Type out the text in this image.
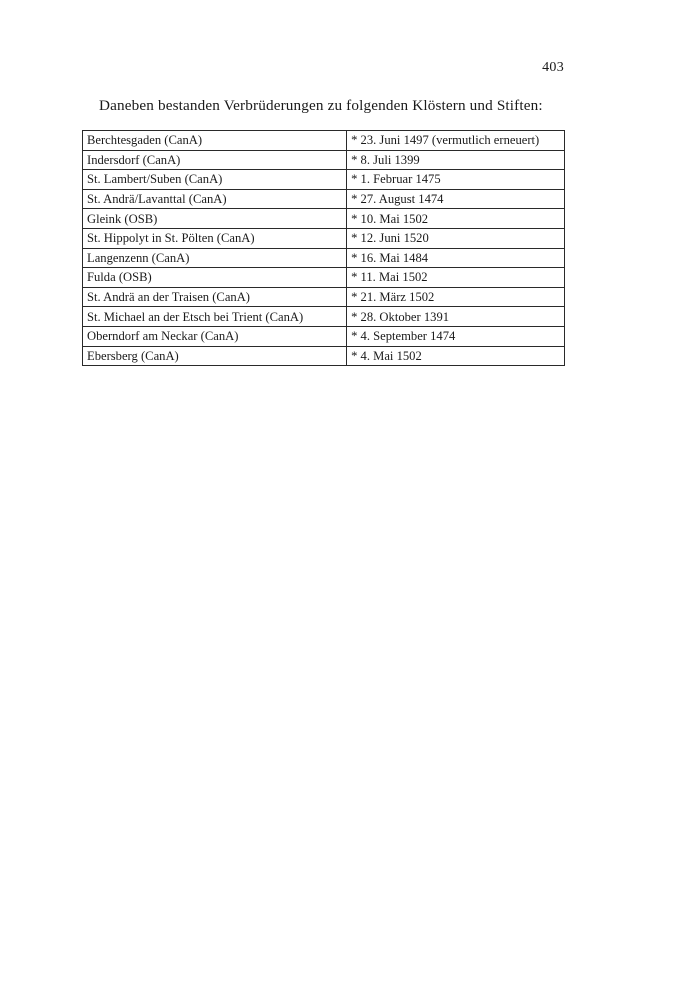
403

Daneben bestanden Verbrüderungen zu folgenden Klöstern und Stiften:

Berchtesgaden (CanA)	* 23. Juni 1497 (vermutlich erneuert)
Indersdorf (CanA)	* 8. Juli 1399
St. Lambert/Suben (CanA)	* 1. Februar 1475
St. Andrä/Lavanttal (CanA)	* 27. August 1474
Gleink (OSB)	* 10. Mai 1502
St. Hippolyt in St. Pölten (CanA)	* 12. Juni 1520
Langenzenn (CanA)	* 16. Mai 1484
Fulda (OSB)	* 11. Mai 1502
St. Andrä an der Traisen (CanA)	* 21. März 1502
St. Michael an der Etsch bei Trient (CanA)	* 28. Oktober 1391
Oberndorf am Neckar (CanA)	* 4. September 1474
Ebersberg (CanA)	* 4. Mai 1502
